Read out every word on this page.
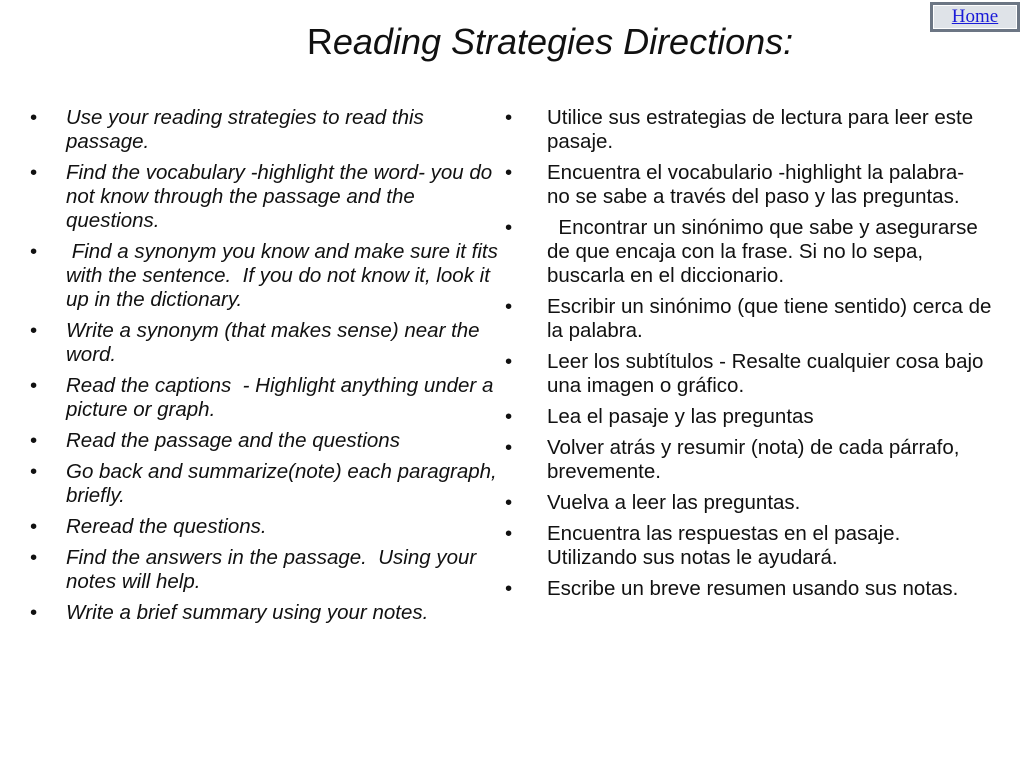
Home
Reading Strategies Directions:
• Use your reading strategies to read this passage.
• Find the vocabulary -highlight the word- you do not know through the passage and the questions.
• Find a synonym you know and make sure it fits with the sentence.  If you do not know it, look it up in the dictionary.
• Write a synonym (that makes sense) near the word.
• Read the captions  - Highlight anything under a picture or graph.
• Read the passage and the questions
• Go back and summarize(note) each paragraph, briefly.
• Reread the questions.
• Find the answers in the passage.  Using your notes will help.
• Write a brief summary using your notes.
• Utilice sus estrategias de lectura para leer este pasaje.
• Encuentra el vocabulario -highlight la palabra- no se sabe a través del paso y las preguntas.
• Encontrar un sinónimo que sabe y asegurarse de que encaja con la frase. Si no lo sepa, buscarla en el diccionario.
• Escribir un sinónimo (que tiene sentido) cerca de la palabra.
• Leer los subtítulos - Resalte cualquier cosa bajo una imagen o gráfico.
• Lea el pasaje y las preguntas
• Volver atrás y resumir (nota) de cada párrafo, brevemente.
• Vuelva a leer las preguntas.
• Encuentra las respuestas en el pasaje. Utilizando sus notas le ayudará.
• Escribe un breve resumen usando sus notas.
